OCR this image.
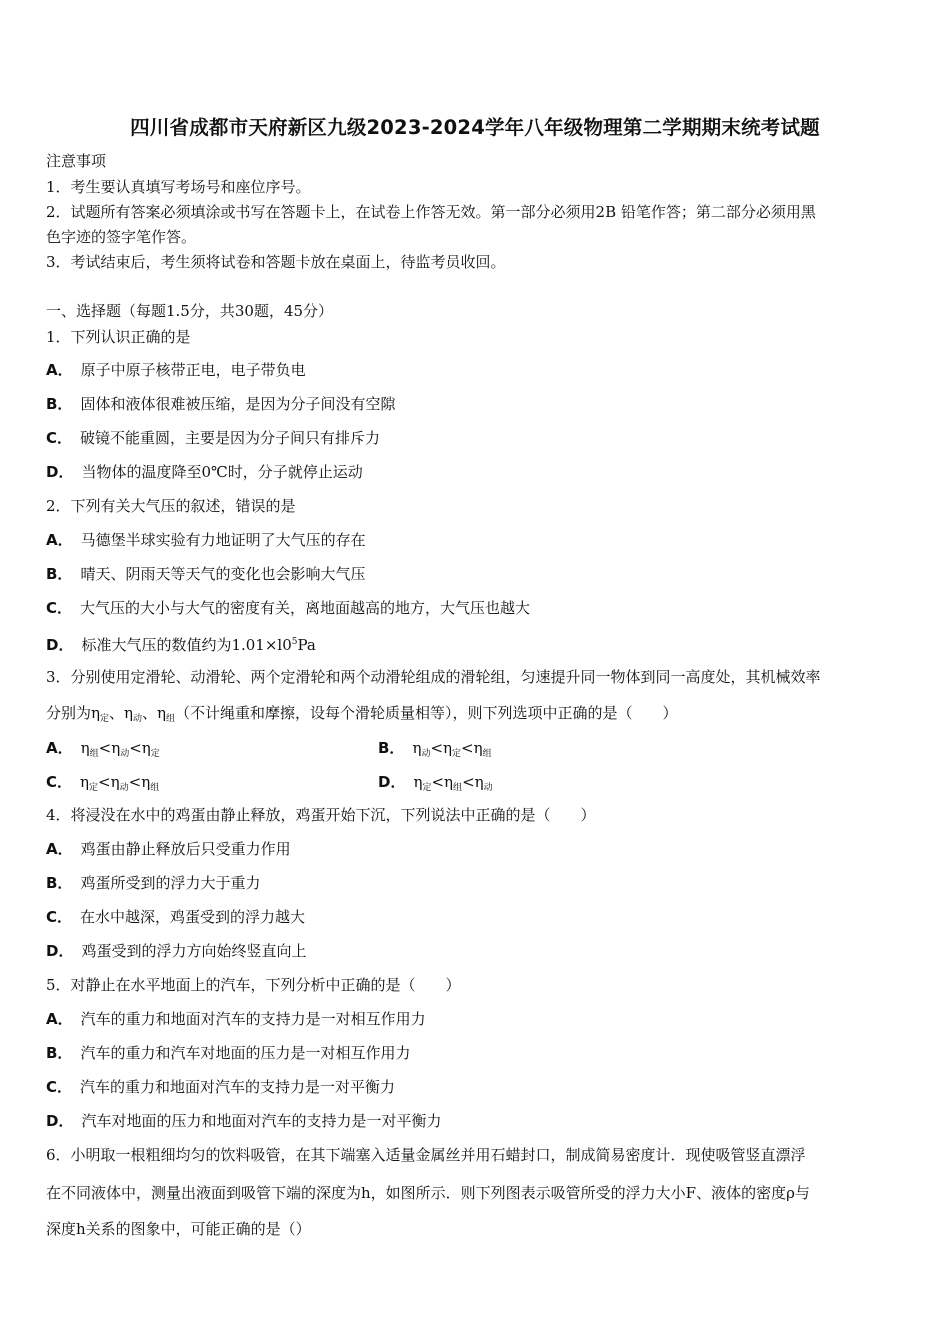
四川省成都市天府新区九级2023-2024学年八年级物理第二学期期末统考试题
注意事项
1．考生要认真填写考场号和座位序号。
2．试题所有答案必须填涂或书写在答题卡上，在试卷上作答无效。第一部分必须用2B 铅笔作答；第二部分必须用黑
色字迹的签字笔作答。
3．考试结束后，考生须将试卷和答题卡放在桌面上，待监考员收回。
一、选择题（每题1.5分，共30题，45分）
1．下列认识正确的是
A． 原子中原子核带正电，电子带负电
B． 固体和液体很难被压缩，是因为分子间没有空隙
C． 破镜不能重圆，主要是因为分子间只有排斥力
D． 当物体的温度降至0℃时，分子就停止运动
2．下列有关大气压的叙述，错误的是
A． 马德堡半球实验有力地证明了大气压的存在
B． 晴天、阴雨天等天气的变化也会影响大气压
C． 大气压的大小与大气的密度有关，离地面越高的地方，大气压也越大
D． 标准大气压的数值约为$1.01\times l0^5Pa$
3．分别使用定滑轮、动滑轮、两个定滑轮和两个动滑轮组成的滑轮组，匀速提升同一物体到同一高度处，其机械效率
分别为$\eta_定$、$\eta_动$、$\eta_组$（不计绳重和摩擦，设每个滑轮质量相等），则下列选项中正确的是（　　）
A． $\eta_组<\eta_动<\eta_定$	B． $\eta_动<\eta_定<\eta_组$
C． $\eta_定<\eta_动<\eta_组$	D． $\eta_定<\eta_组<\eta_动$
4．将浸没在水中的鸡蛋由静止释放，鸡蛋开始下沉，下列说法中正确的是（　　）
A． 鸡蛋由静止释放后只受重力作用
B． 鸡蛋所受到的浮力大于重力
C． 在水中越深，鸡蛋受到的浮力越大
D． 鸡蛋受到的浮力方向始终竖直向上
5．对静止在水平地面上的汽车，下列分析中正确的是（　　）
A． 汽车的重力和地面对汽车的支持力是一对相互作用力
B． 汽车的重力和汽车对地面的压力是一对相互作用力
C． 汽车的重力和地面对汽车的支持力是一对平衡力
D． 汽车对地面的压力和地面对汽车的支持力是一对平衡力
6．小明取一根粗细均匀的饮料吸管，在其下端塞入适量金属丝并用石蜡封口，制成简易密度计．现使吸管竖直漂浮
在不同液体中，测量出液面到吸管下端的深度为h，如图所示．则下列图表示吸管所受的浮力大小F、液体的密度ρ与
深度h关系的图象中，可能正确的是（）
